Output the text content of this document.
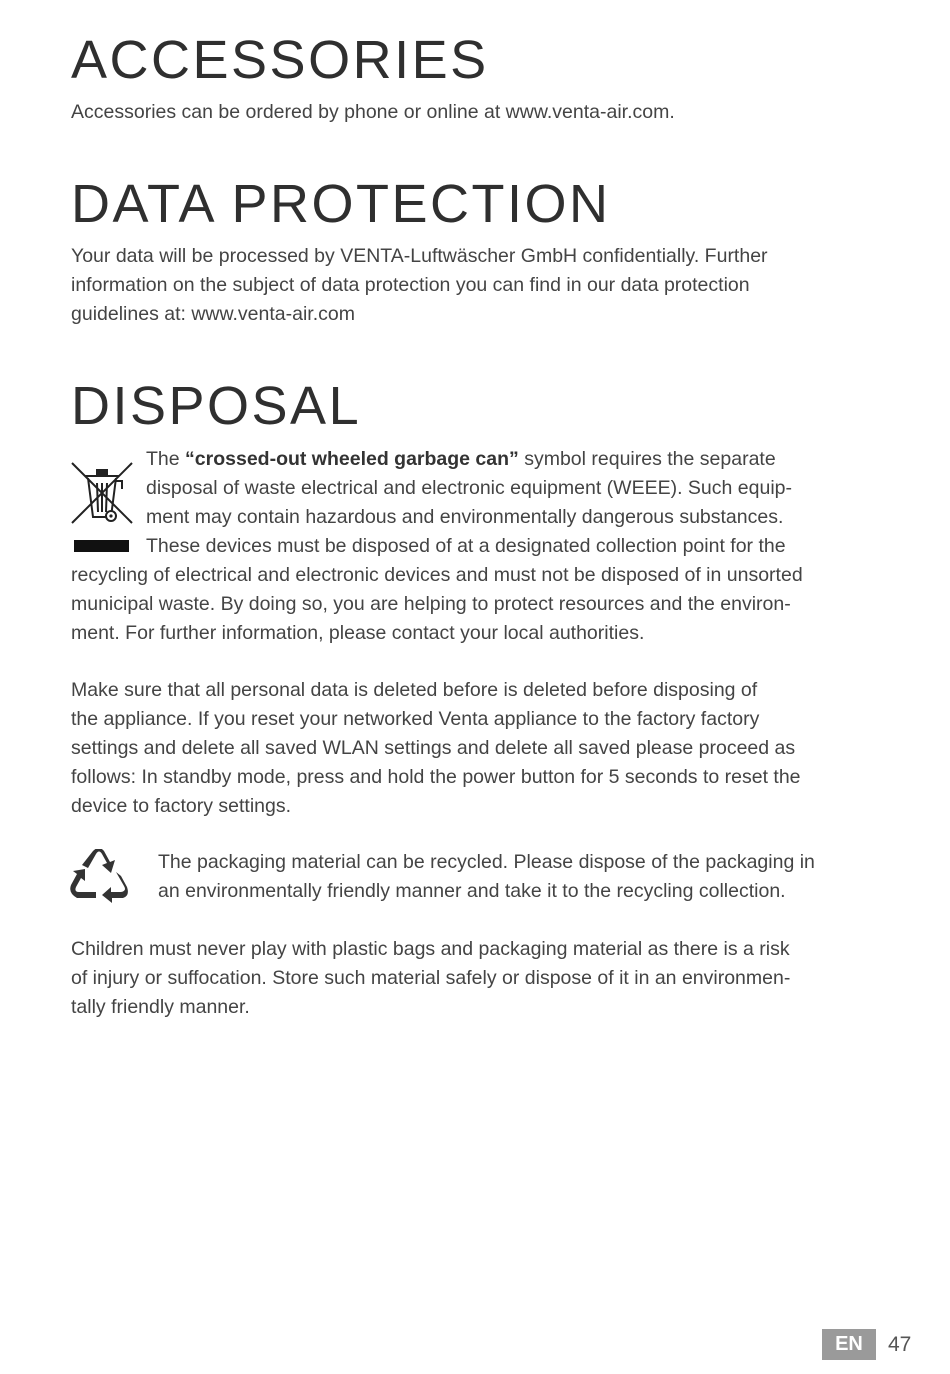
ACCESSORIES

Accessories can be ordered by phone or online at www.venta-air.com.

DATA PROTECTION

Your data will be processed by VENTA-Luftwäscher GmbH confidentially. Further
information on the subject of data protection you can find in our data protection
guidelines at: www.venta-air.com

DISPOSAL

The “crossed-out wheeled garbage can” symbol requires the separate
disposal of waste electrical and electronic equipment (WEEE). Such equip-
ment may contain hazardous and environmentally dangerous substances.
These devices must be disposed of at a designated collection point for the
recycling of electrical and electronic devices and must not be disposed of in unsorted
municipal waste. By doing so, you are helping to protect resources and the environ-
ment. For further information, please contact your local authorities.

Make sure that all personal data is deleted before is deleted before disposing of
the appliance. If you reset your networked Venta appliance to the factory factory
settings and delete all saved WLAN settings and delete all saved please proceed as
follows: In standby mode, press and hold the power button for 5 seconds to reset the
device to factory settings.

The packaging material can be recycled. Please dispose of the packaging in
an environmentally friendly manner and take it to the recycling collection.

Children must never play with plastic bags and packaging material as there is a risk
of injury or suffocation. Store such material safely or dispose of it in an environmen-
tally friendly manner.

EN	47
